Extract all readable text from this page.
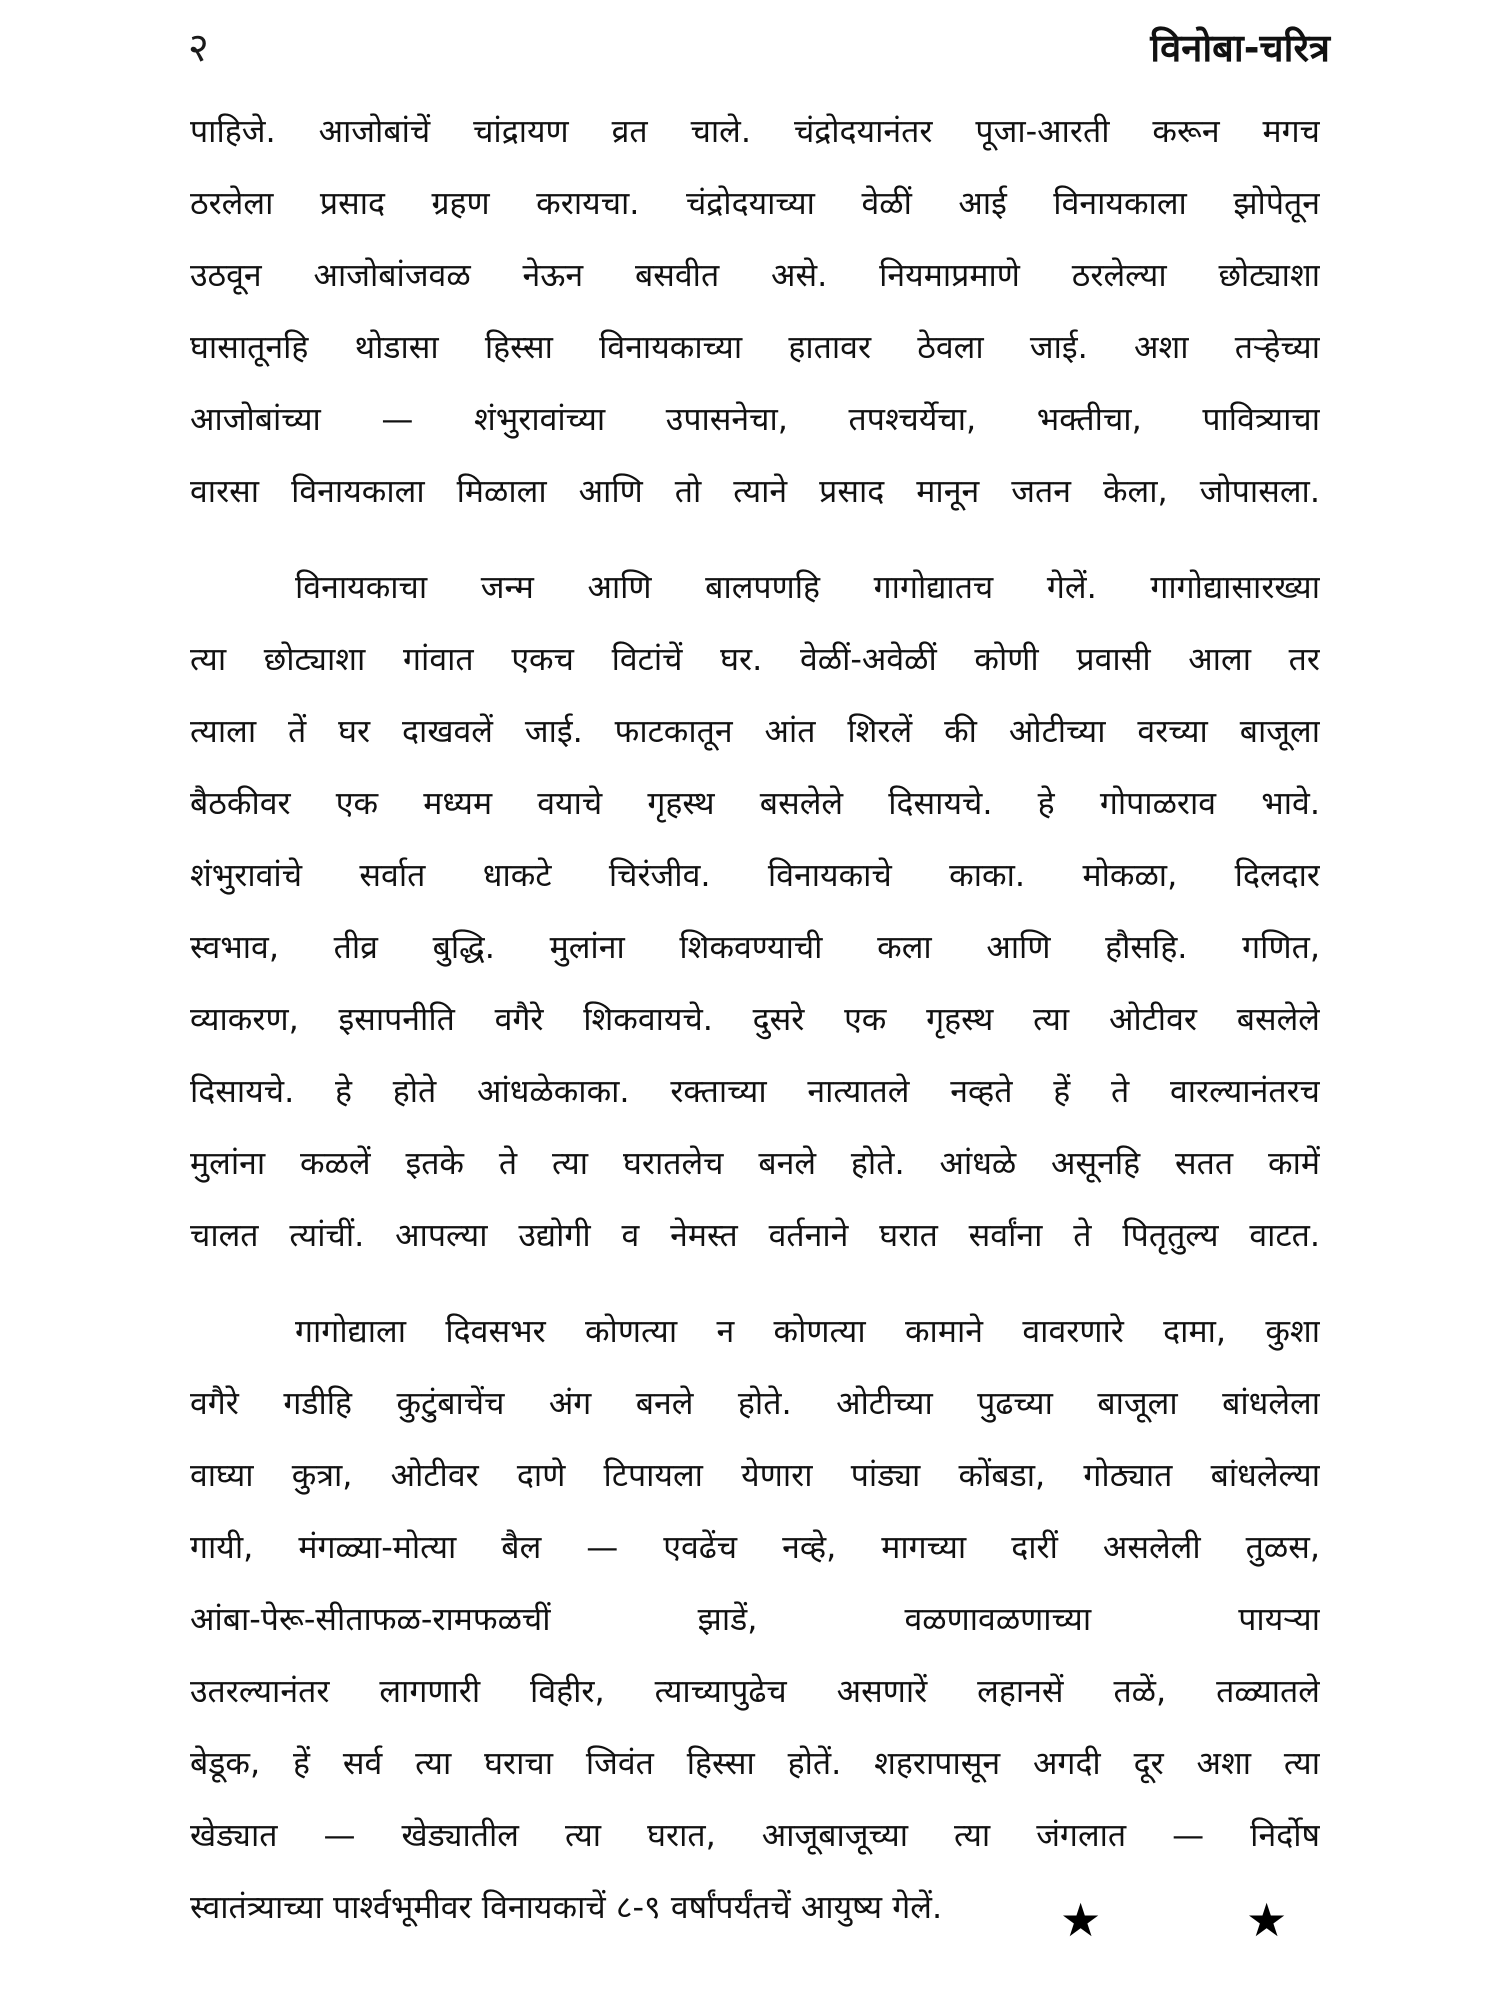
२	विनोबा-चरित्र

पाहिजे. आजोबांचें चांद्रायण व्रत चाले. चंद्रोदयानंतर पूजा-आरती करून मगच
ठरलेला प्रसाद ग्रहण करायचा. चंद्रोदयाच्या वेळीं आई विनायकाला झोपेतून
उठवून आजोबांजवळ नेऊन बसवीत असे. नियमाप्रमाणे ठरलेल्या छोट्याशा
घासातूनहि थोडासा हिस्सा विनायकाच्या हातावर ठेवला जाई. अशा तऱ्हेच्या
आजोबांच्या — शंभुरावांच्या उपासनेचा, तपश्चर्येचा, भक्तीचा, पावित्र्याचा
वारसा विनायकाला मिळाला आणि तो त्याने प्रसाद मानून जतन केला, जोपासला.

विनायकाचा जन्म आणि बालपणहि गागोद्यातच गेलें. गागोद्यासारख्या
त्या छोट्याशा गांवात एकच विटांचें घर. वेळीं-अवेळीं कोणी प्रवासी आला तर
त्याला तें घर दाखवलें जाई. फाटकातून आंत शिरलें की ओटीच्या वरच्या बाजूला
बैठकीवर एक मध्यम वयाचे गृहस्थ बसलेले दिसायचे. हे गोपाळराव भावे.
शंभुरावांचे सर्वात धाकटे चिरंजीव. विनायकाचे काका. मोकळा, दिलदार
स्वभाव, तीव्र बुद्धि. मुलांना शिकवण्याची कला आणि हौसहि. गणित,
व्याकरण, इसापनीति वगैरे शिकवायचे. दुसरे एक गृहस्थ त्या ओटीवर बसलेले
दिसायचे. हे होते आंधळेकाका. रक्ताच्या नात्यातले नव्हते हें ते वारल्यानंतरच
मुलांना कळलें इतके ते त्या घरातलेच बनले होते. आंधळे असूनहि सतत कामें
चालत त्यांचीं. आपल्या उद्योगी व नेमस्त वर्तनाने घरात सर्वांना ते पितृतुल्य वाटत.

गागोद्याला दिवसभर कोणत्या न कोणत्या कामाने वावरणारे दामा, कुशा
वगैरे गडीहि कुटुंबाचेंच अंग बनले होते. ओटीच्या पुढच्या बाजूला बांधलेला
वाघ्या कुत्रा, ओटीवर दाणे टिपायला येणारा पांड्या कोंबडा, गोठ्यात बांधलेल्या
गायी, मंगळ्या-मोत्या बैल — एवढेंच नव्हे, मागच्या दारीं असलेली तुळस,
आंबा-पेरू-सीताफळ-रामफळचीं झाडें, वळणावळणाच्या पायऱ्या
उतरल्यानंतर लागणारी विहीर, त्याच्यापुढेच असणारें लहानसें तळें, तळ्यातले
बेडूक, हें सर्व त्या घराचा जिवंत हिस्सा होतें. शहरापासून अगदी दूर अशा त्या
खेड्यात — खेड्यातील त्या घरात, आजूबाजूच्या त्या जंगलात — निर्दोष
स्वातंत्र्याच्या पार्श्वभूमीवर विनायकाचें ८-९ वर्षांपर्यंतचें आयुष्य गेलें.	★	★
